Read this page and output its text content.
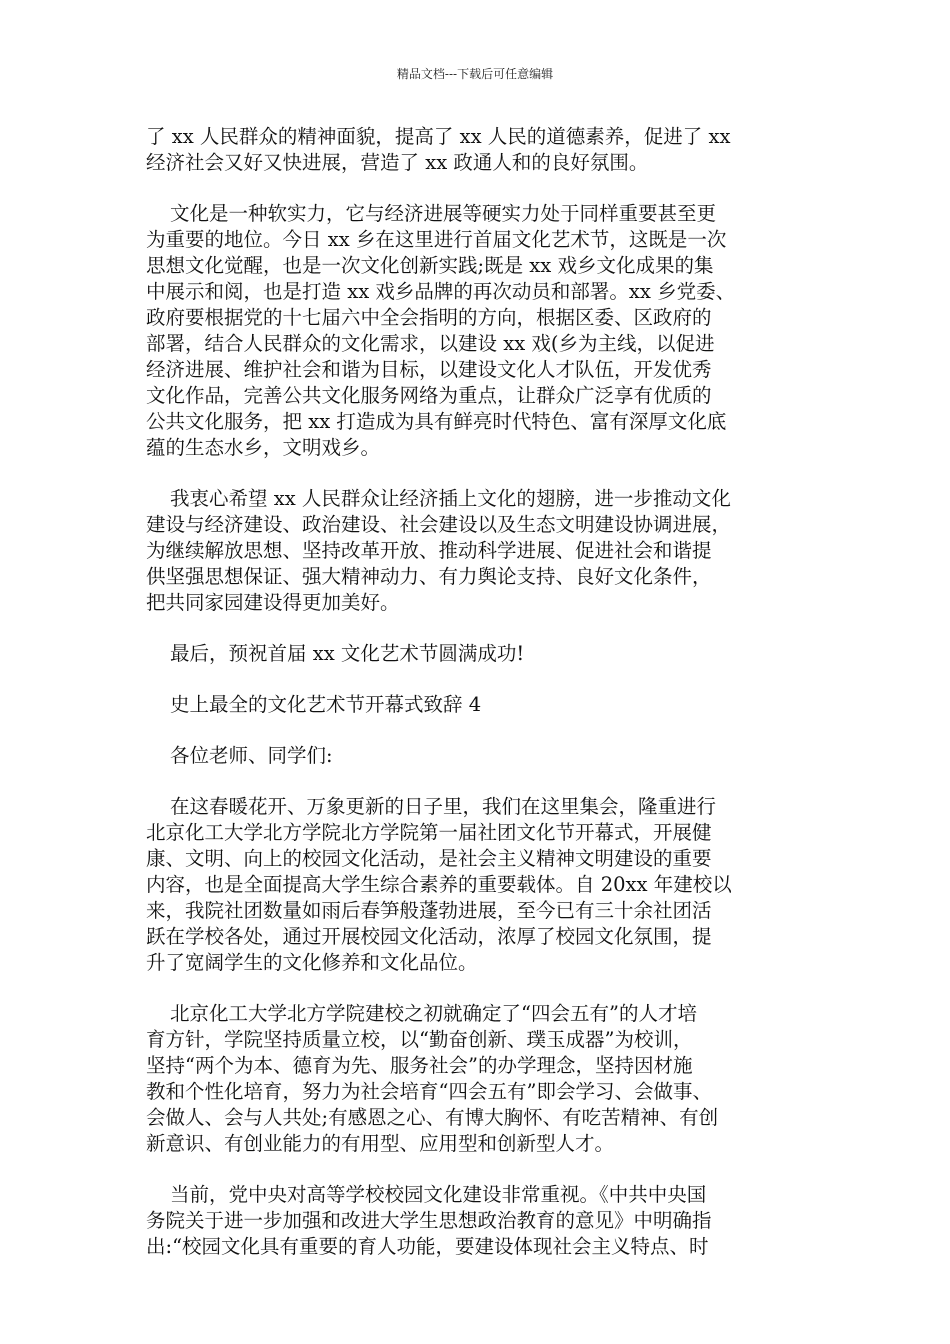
精品文档---下载后可任意编辑

了 xx 人民群众的精神面貌，提高了 xx 人民的道德素养，促进了 xx
经济社会又好又快进展，营造了 xx 政通人和的良好氛围。

文化是一种软实力，它与经济进展等硬实力处于同样重要甚至更
为重要的地位。今日 xx 乡在这里进行首届文化艺术节，这既是一次
思想文化觉醒，也是一次文化创新实践;既是 xx 戏乡文化成果的集
中展示和阅，也是打造 xx 戏乡品牌的再次动员和部署。xx 乡党委、
政府要根据党的十七届六中全会指明的方向，根据区委、区政府的
部署，结合人民群众的文化需求，以建设 xx 戏(乡为主线，以促进
经济进展、维护社会和谐为目标，以建设文化人才队伍，开发优秀
文化作品，完善公共文化服务网络为重点，让群众广泛享有优质的
公共文化服务，把 xx 打造成为具有鲜亮时代特色、富有深厚文化底
蕴的生态水乡，文明戏乡。

我衷心希望 xx 人民群众让经济插上文化的翅膀，进一步推动文化
建设与经济建设、政治建设、社会建设以及生态文明建设协调进展，
为继续解放思想、坚持改革开放、推动科学进展、促进社会和谐提
供坚强思想保证、强大精神动力、有力舆论支持、良好文化条件，
把共同家园建设得更加美好。

最后，预祝首届 xx 文化艺术节圆满成功!

史上最全的文化艺术节开幕式致辞 4

各位老师、同学们:

在这春暖花开、万象更新的日子里，我们在这里集会，隆重进行
北京化工大学北方学院北方学院第一届社团文化节开幕式，开展健
康、文明、向上的校园文化活动，是社会主义精神文明建设的重要
内容，也是全面提高大学生综合素养的重要载体。自 20xx 年建校以
来，我院社团数量如雨后春笋般蓬勃进展，至今已有三十余社团活
跃在学校各处，通过开展校园文化活动，浓厚了校园文化氛围，提
升了宽阔学生的文化修养和文化品位。

北京化工大学北方学院建校之初就确定了“四会五有”的人才培
育方针，学院坚持质量立校，以“勤奋创新、璞玉成器”为校训，
坚持“两个为本、德育为先、服务社会”的办学理念，坚持因材施
教和个性化培育，努力为社会培育“四会五有”即会学习、会做事、
会做人、会与人共处;有感恩之心、有博大胸怀、有吃苦精神、有创
新意识、有创业能力的有用型、应用型和创新型人才。

当前，党中央对高等学校校园文化建设非常重视。《中共中央国
务院关于进一步加强和改进大学生思想政治教育的意见》中明确指
出:“校园文化具有重要的育人功能，要建设体现社会主义特点、时
